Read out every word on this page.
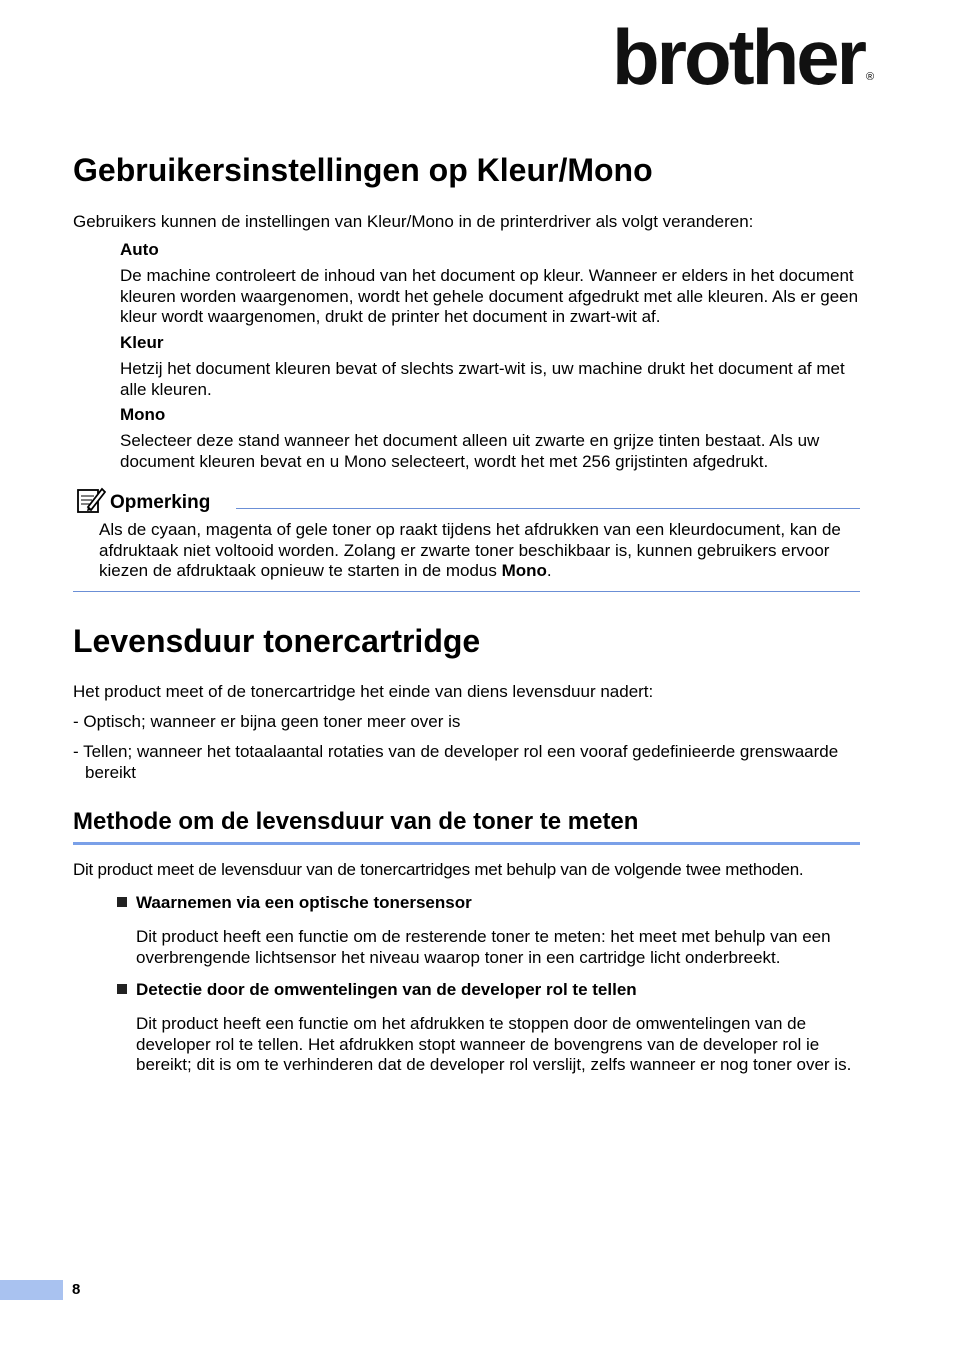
brother ®
Gebruikersinstellingen op Kleur/Mono

Gebruikers kunnen de instellingen van Kleur/Mono in de printerdriver als volgt veranderen:

Auto

De machine controleert de inhoud van het document op kleur. Wanneer er elders in het document kleuren worden waargenomen, wordt het gehele document afgedrukt met alle kleuren. Als er geen kleur wordt waargenomen, drukt de printer het document in zwart-wit af.

Kleur

Hetzij het document kleuren bevat of slechts zwart-wit is, uw machine drukt het document af met alle kleuren.

Mono

Selecteer deze stand wanneer het document alleen uit zwarte en grijze tinten bestaat. Als uw document kleuren bevat en u Mono selecteert, wordt het met 256 grijstinten afgedrukt.

Opmerking

Als de cyaan, magenta of gele toner op raakt tijdens het afdrukken van een kleurdocument, kan de afdruktaak niet voltooid worden. Zolang er zwarte toner beschikbaar is, kunnen gebruikers ervoor kiezen de afdruktaak opnieuw te starten in de modus Mono.

Levensduur tonercartridge

Het product meet of de tonercartridge het einde van diens levensduur nadert:

- Optisch; wanneer er bijna geen toner meer over is

- Tellen; wanneer het totaalaantal rotaties van de developer rol een vooraf gedefinieerde grenswaarde bereikt

Methode om de levensduur van de toner te meten

Dit product meet de levensduur van de tonercartridges met behulp van de volgende twee methoden.

Waarnemen via een optische tonersensor

Dit product heeft een functie om de resterende toner te meten: het meet met behulp van een overbrengende lichtsensor het niveau waarop toner in een cartridge licht onderbreekt.

Detectie door de omwentelingen van de developer rol te tellen

Dit product heeft een functie om het afdrukken te stoppen door de omwentelingen van de developer rol te tellen. Het afdrukken stopt wanneer de bovengrens van de developer rol ie bereikt; dit is om te verhinderen dat de developer rol verslijt, zelfs wanneer er nog toner over is.

8
